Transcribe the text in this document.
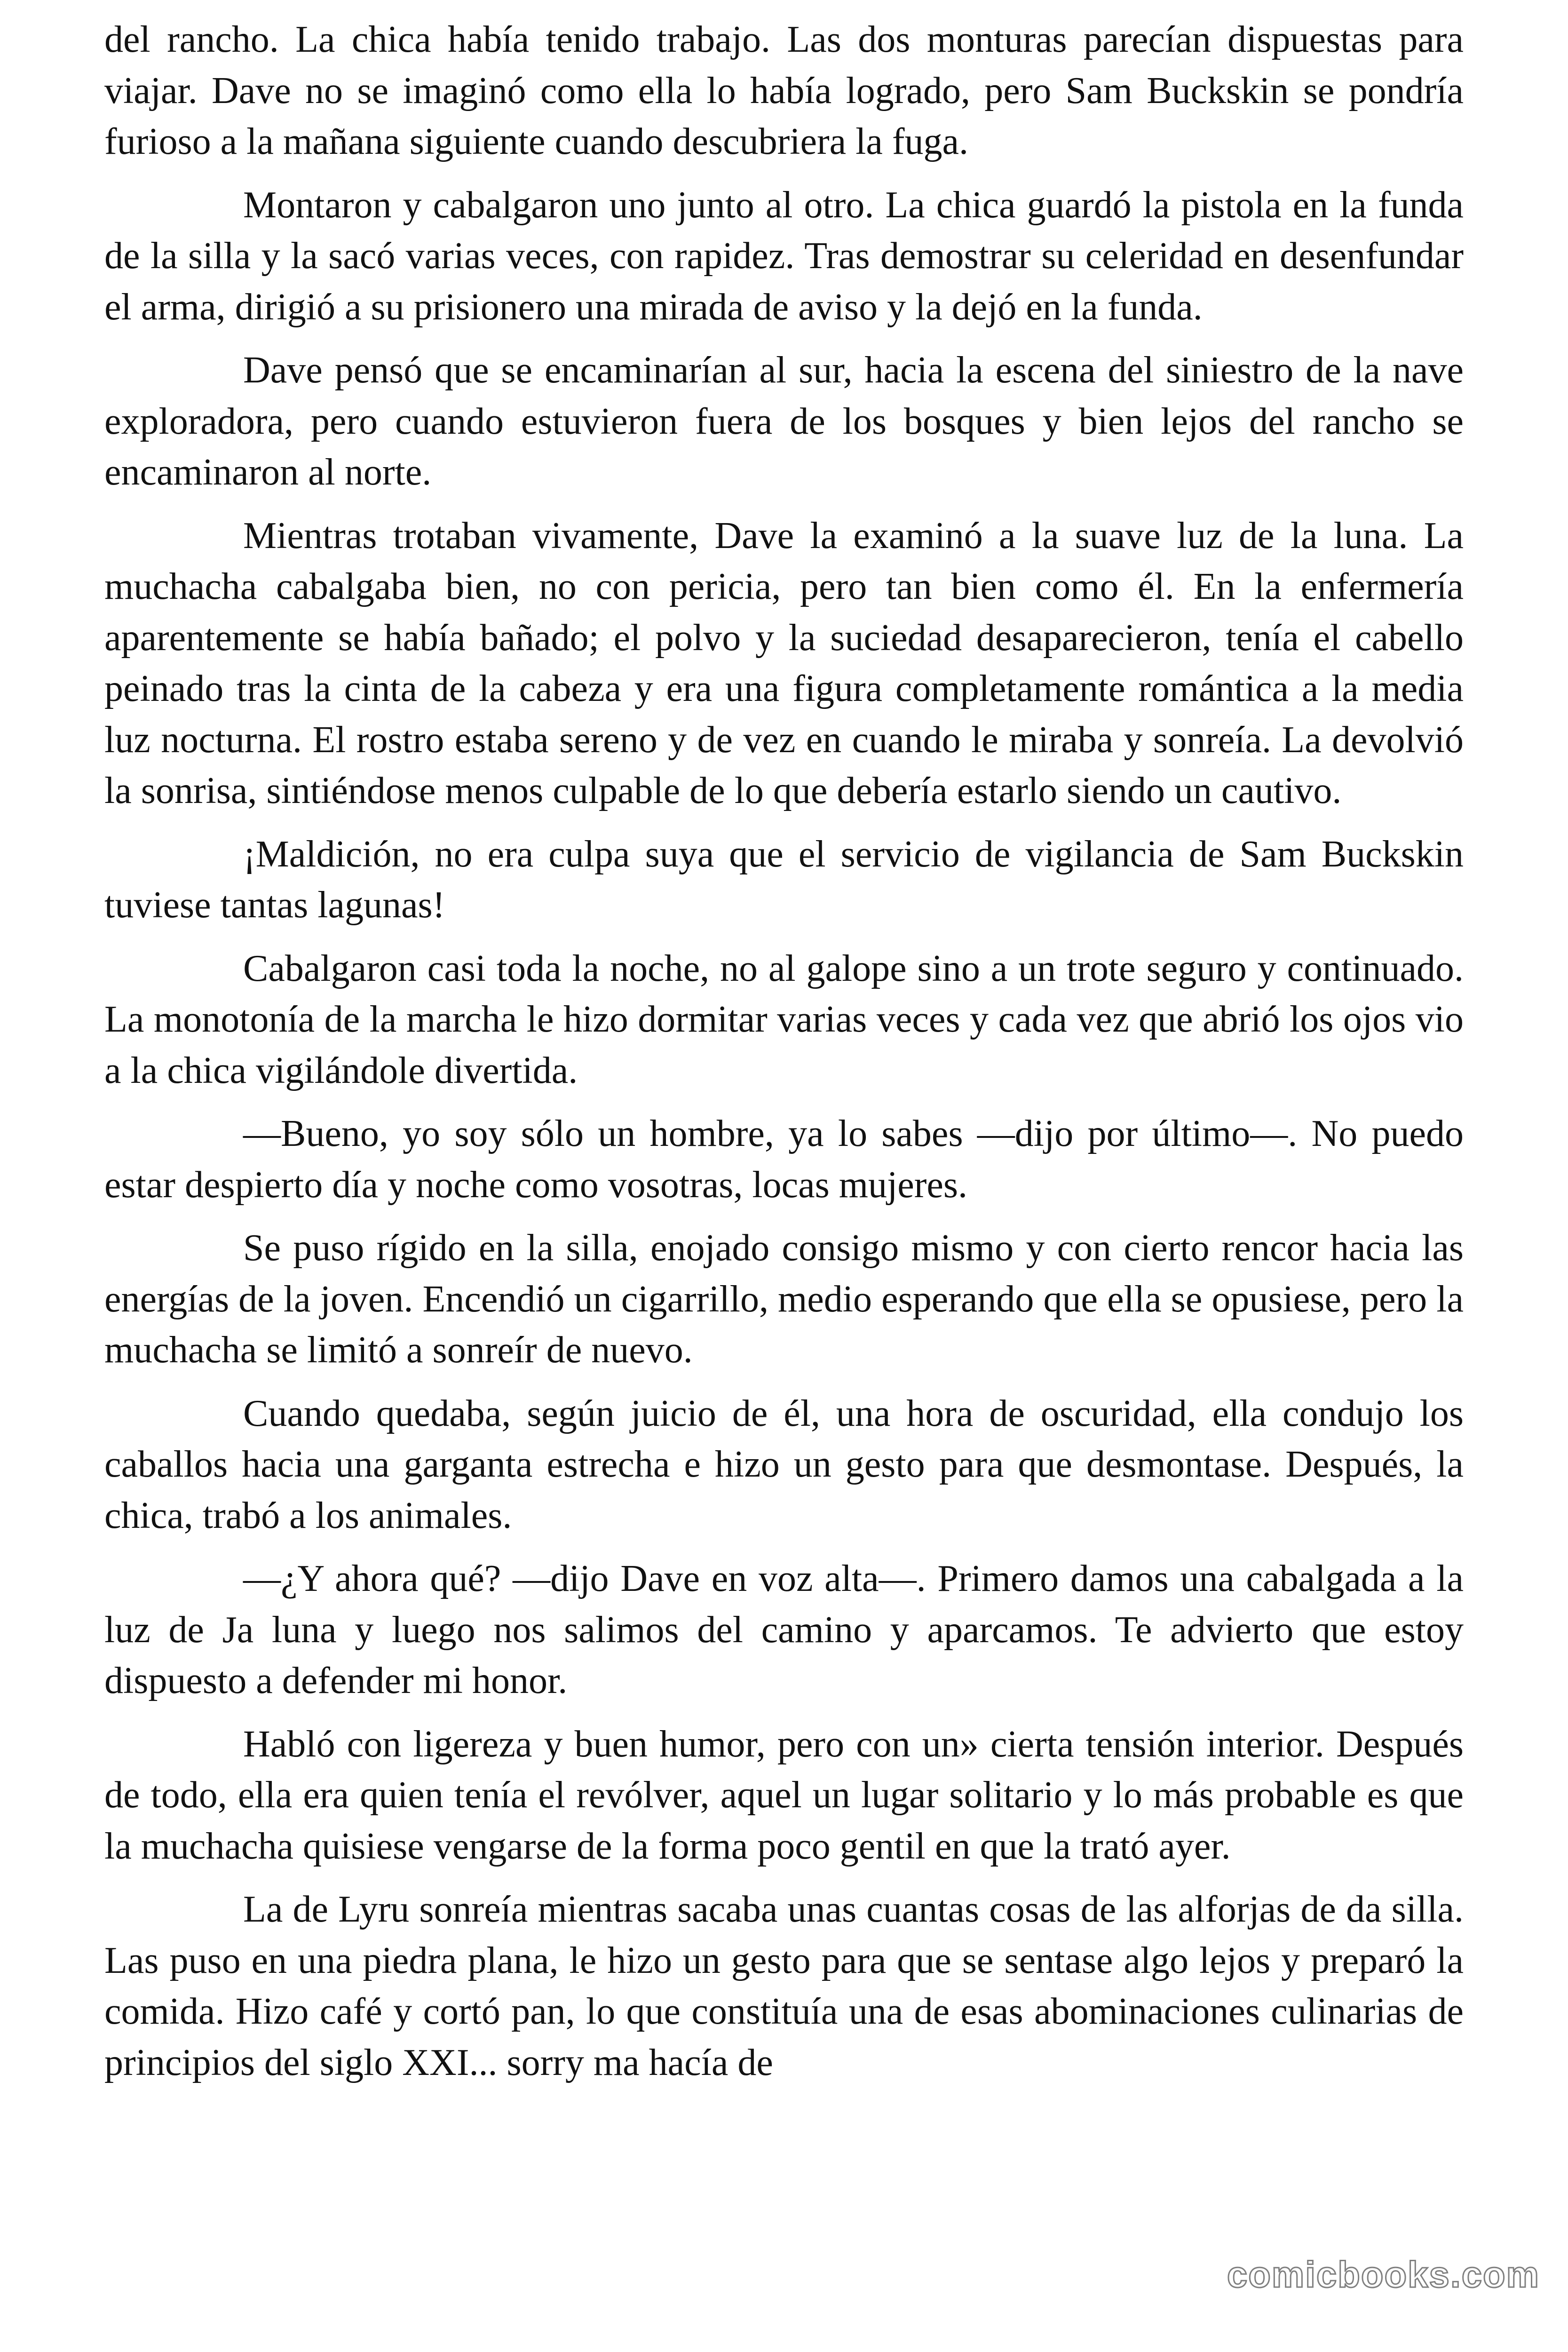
del rancho. La chica había tenido trabajo. Las dos monturas parecían dispuestas para viajar. Dave no se imaginó como ella lo había logrado, pero Sam Buckskin se pondría furioso a la mañana siguiente cuando descubriera la fuga.

Montaron y cabalgaron uno junto al otro. La chica guardó la pistola en la funda de la silla y la sacó varias veces, con rapidez. Tras demostrar su celeridad en desenfundar el arma, dirigió a su prisionero una mirada de aviso y la dejó en la funda.

Dave pensó que se encaminarían al sur, hacia la escena del siniestro de la nave exploradora, pero cuando estuvieron fuera de los bosques y bien lejos del rancho se encaminaron al norte.

Mientras trotaban vivamente, Dave la examinó a la suave luz de la luna. La muchacha cabalgaba bien, no con pericia, pero tan bien como él. En la enfermería aparentemente se había bañado; el polvo y la suciedad desaparecieron, tenía el cabello peinado tras la cinta de la cabeza y era una figura completamente romántica a la media luz nocturna. El rostro estaba sereno y de vez en cuando le miraba y sonreía. La devolvió la sonrisa, sintiéndose menos culpable de lo que debería estarlo siendo un cautivo.

¡Maldición, no era culpa suya que el servicio de vigilancia de Sam Buckskin tuviese tantas lagunas!

Cabalgaron casi toda la noche, no al galope sino a un trote seguro y continuado. La monotonía de la marcha le hizo dormitar varias veces y cada vez que abrió los ojos vio a la chica vigilándole divertida.

—Bueno, yo soy sólo un hombre, ya lo sabes —dijo por último—. No puedo estar despierto día y noche como vosotras, locas mujeres.

Se puso rígido en la silla, enojado consigo mismo y con cierto rencor hacia las energías de la joven. Encendió un cigarrillo, medio esperando que ella se opusiese, pero la muchacha se limitó a sonreír de nuevo.

Cuando quedaba, según juicio de él, una hora de oscuridad, ella condujo los caballos hacia una garganta estrecha e hizo un gesto para que desmontase. Después, la chica, trabó a los animales.

—¿Y ahora qué? —dijo Dave en voz alta—. Primero damos una cabalgada a la luz de Ja luna y luego nos salimos del camino y aparcamos. Te advierto que estoy dispuesto a defender mi honor.

Habló con ligereza y buen humor, pero con un» cierta tensión interior. Después de todo, ella era quien tenía el revólver, aquel un lugar solitario y lo más probable es que la muchacha quisiese vengarse de la forma poco gentil en que la trató ayer.

La de Lyru sonreía mientras sacaba unas cuantas cosas de las alforjas de da silla. Las puso en una piedra plana, le hizo un gesto para que se sentase algo lejos y preparó la comida. Hizo café y cortó pan, lo que constituía una de esas abominaciones culinarias de principios del siglo XXI... sorry ma hacía de

comicbooks.com
